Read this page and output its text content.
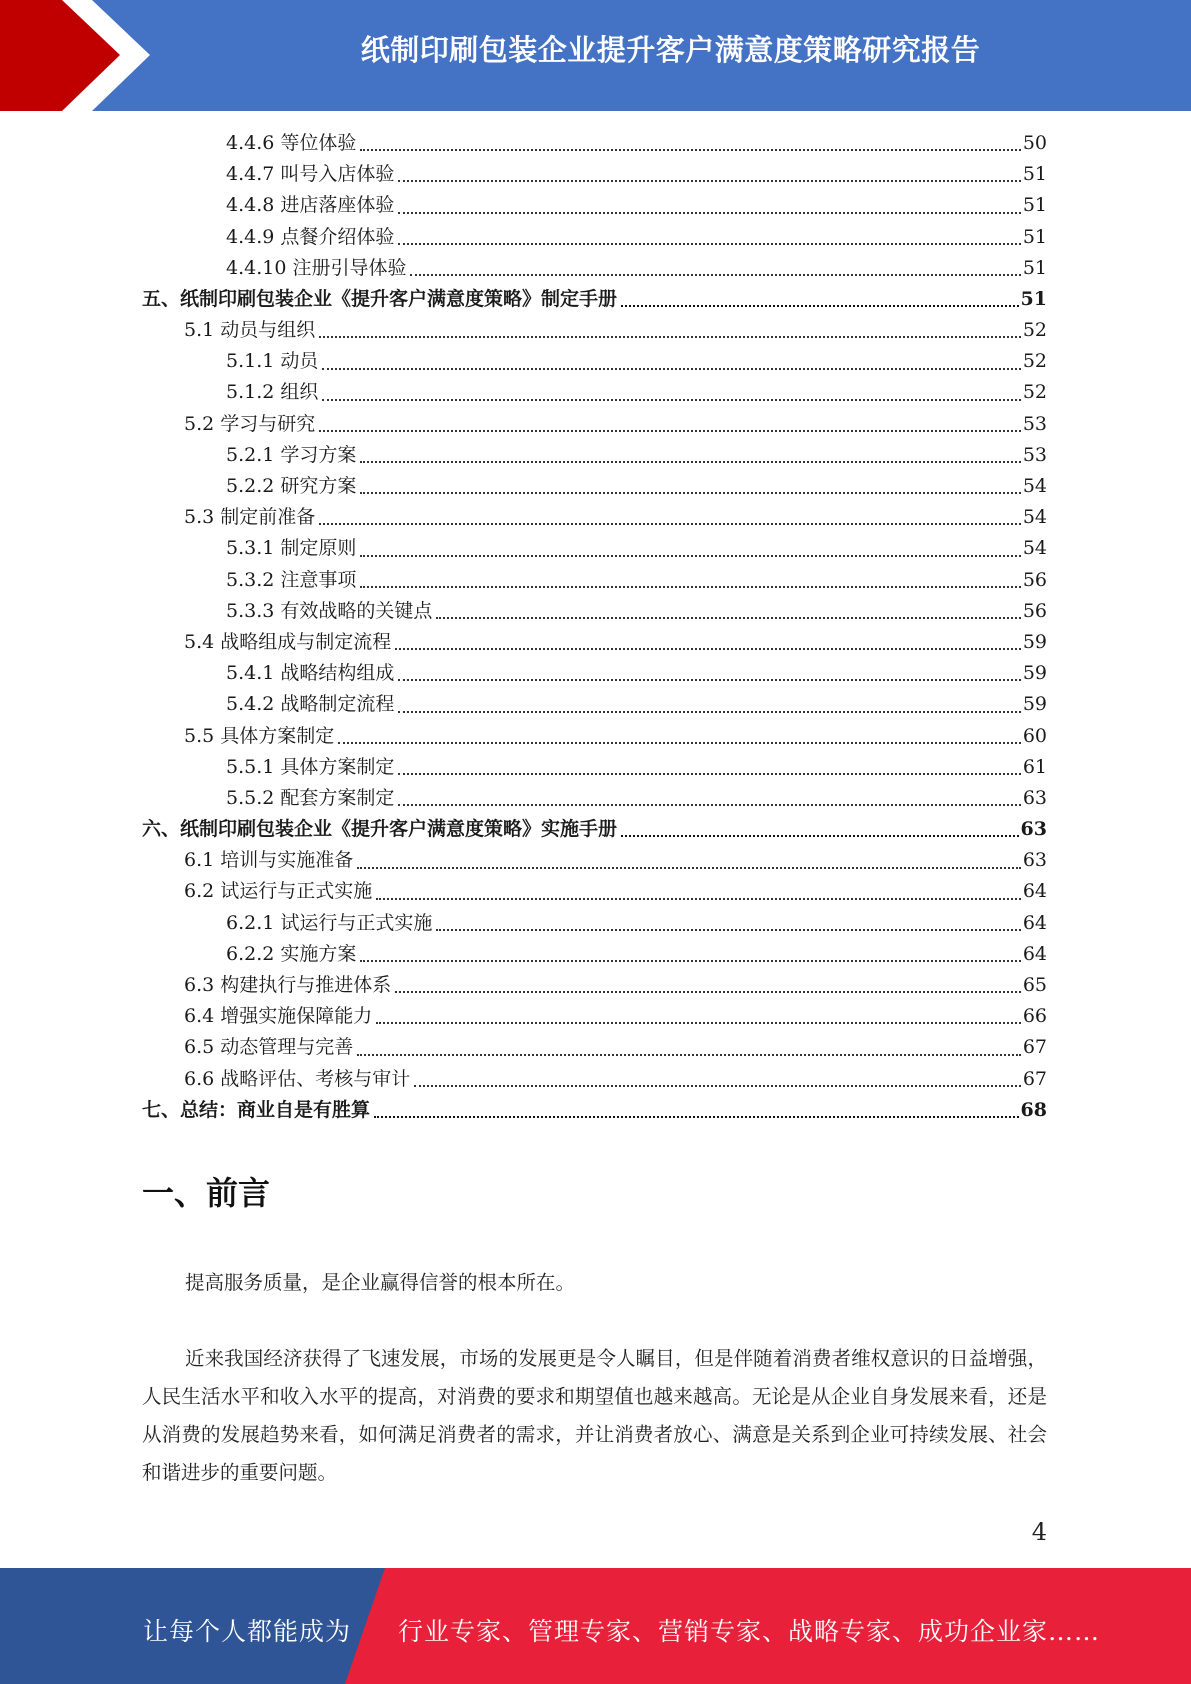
纸制印刷包装企业提升客户满意度策略研究报告
4.4.6 等位体验	50
4.4.7 叫号入店体验	51
4.4.8 进店落座体验	51
4.4.9 点餐介绍体验	51
4.4.10 注册引导体验	51
五、纸制印刷包装企业《提升客户满意度策略》制定手册	51
5.1 动员与组织	52
5.1.1 动员	52
5.1.2 组织	52
5.2 学习与研究	53
5.2.1 学习方案	53
5.2.2 研究方案	54
5.3 制定前准备	54
5.3.1 制定原则	54
5.3.2 注意事项	56
5.3.3 有效战略的关键点	56
5.4 战略组成与制定流程	59
5.4.1 战略结构组成	59
5.4.2 战略制定流程	59
5.5 具体方案制定	60
5.5.1 具体方案制定	61
5.5.2 配套方案制定	63
六、纸制印刷包装企业《提升客户满意度策略》实施手册	63
6.1 培训与实施准备	63
6.2 试运行与正式实施	64
6.2.1 试运行与正式实施	64
6.2.2 实施方案	64
6.3 构建执行与推进体系	65
6.4 增强实施保障能力	66
6.5 动态管理与完善	67
6.6 战略评估、考核与审计	67
七、总结：商业自是有胜算	68
一、前言

提高服务质量，是企业赢得信誉的根本所在。

近来我国经济获得了飞速发展，市场的发展更是令人瞩目，但是伴随着消费者维权意识的日益增强，人民生活水平和收入水平的提高，对消费的要求和期望值也越来越高。无论是从企业自身发展来看，还是从消费的发展趋势来看，如何满足消费者的需求，并让消费者放心、满意是关系到企业可持续发展、社会和谐进步的重要问题。

4
让每个人都能成为 行业专家、管理专家、营销专家、战略专家、成功企业家……
